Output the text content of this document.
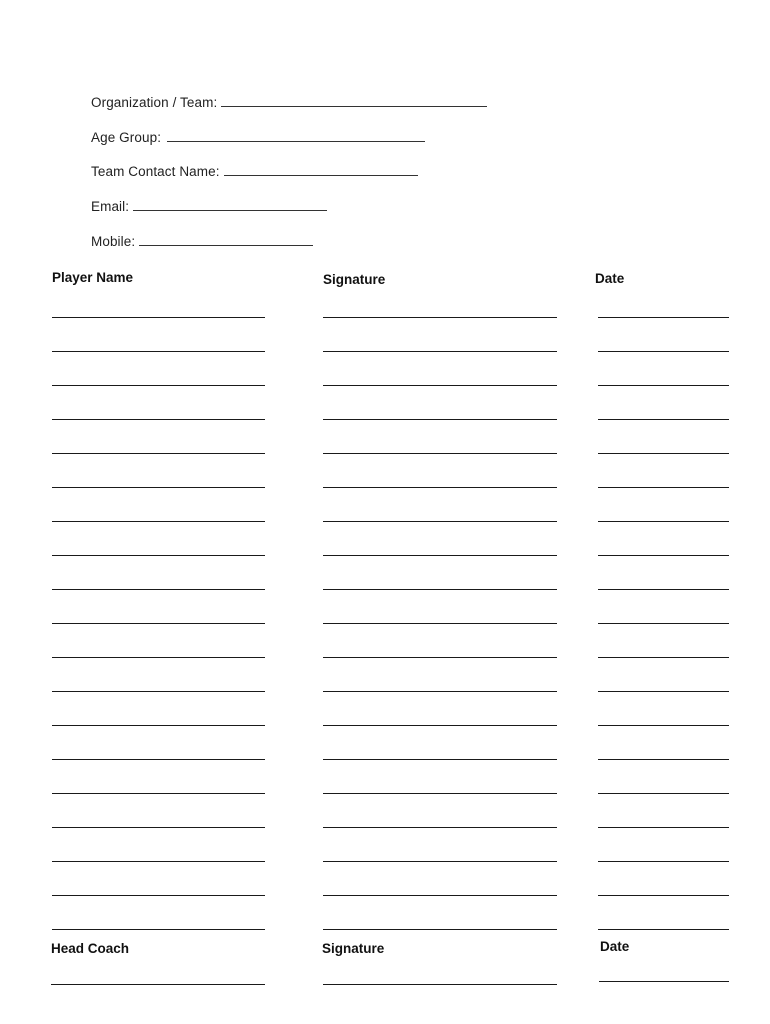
Organization / Team:
Age Group:
Team Contact Name:
Email:
Mobile:
Player Name	Signature	Date
Head Coach	Signature	Date
